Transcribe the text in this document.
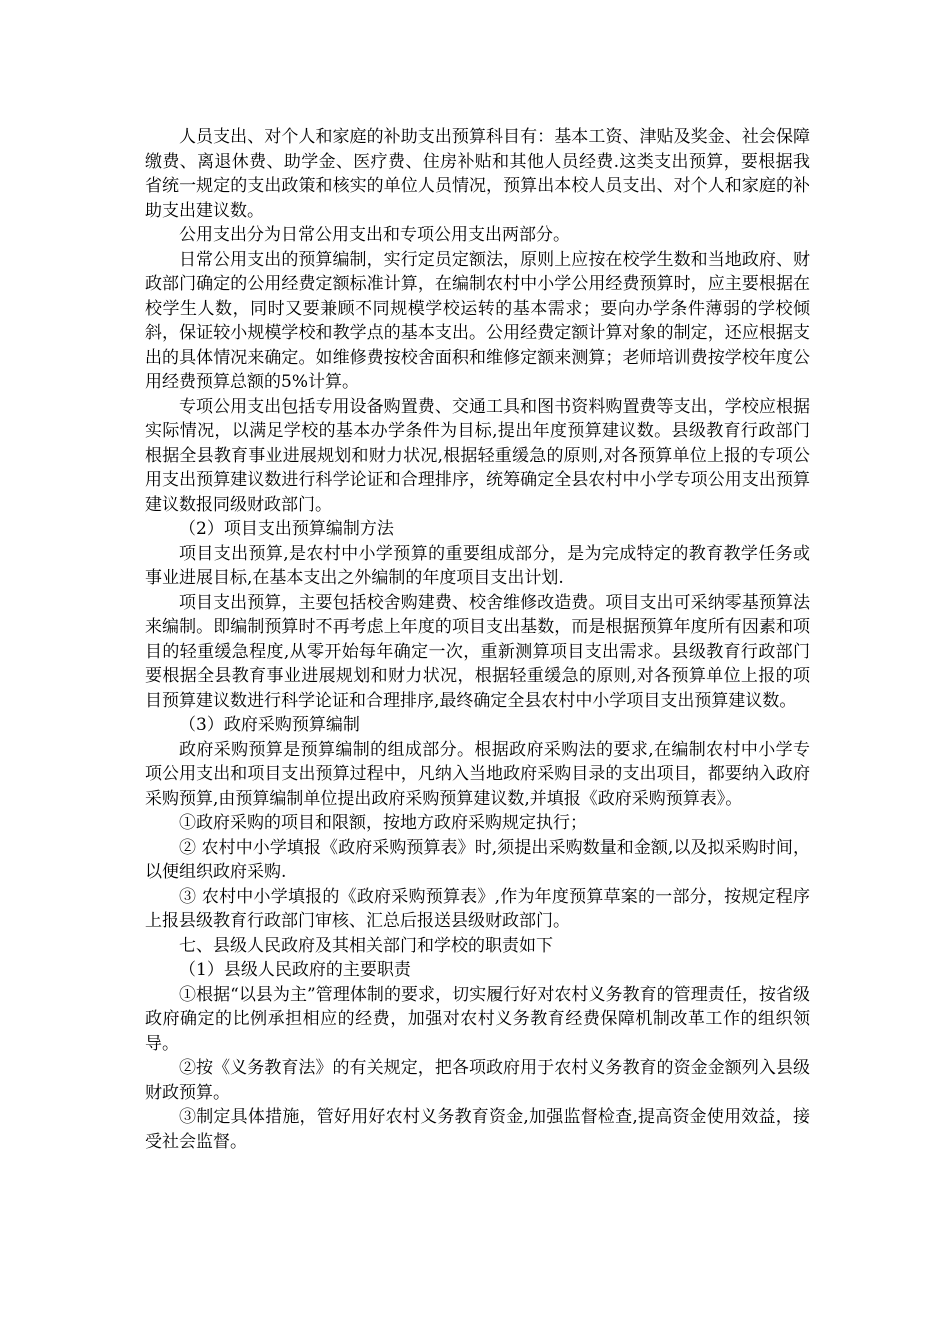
人员支出、对个人和家庭的补助支出预算科目有：基本工资、津贴及奖金、社会保障缴费、离退休费、助学金、医疗费、住房补贴和其他人员经费.这类支出预算，要根据我省统一规定的支出政策和核实的单位人员情况，预算出本校人员支出、对个人和家庭的补助支出建议数。

公用支出分为日常公用支出和专项公用支出两部分。

日常公用支出的预算编制，实行定员定额法，原则上应按在校学生数和当地政府、财政部门确定的公用经费定额标准计算，在编制农村中小学公用经费预算时，应主要根据在校学生人数，同时又要兼顾不同规模学校运转的基本需求；要向办学条件薄弱的学校倾斜，保证较小规模学校和教学点的基本支出。公用经费定额计算对象的制定，还应根据支出的具体情况来确定。如维修费按校舍面积和维修定额来测算；老师培训费按学校年度公用经费预算总额的5%计算。

专项公用支出包括专用设备购置费、交通工具和图书资料购置费等支出，学校应根据实际情况，以满足学校的基本办学条件为目标,提出年度预算建议数。县级教育行政部门根据全县教育事业进展规划和财力状况,根据轻重缓急的原则,对各预算单位上报的专项公用支出预算建议数进行科学论证和合理排序，统筹确定全县农村中小学专项公用支出预算建议数报同级财政部门。

（2）项目支出预算编制方法

项目支出预算,是农村中小学预算的重要组成部分，是为完成特定的教育教学任务或事业进展目标,在基本支出之外编制的年度项目支出计划.

项目支出预算，主要包括校舍购建费、校舍维修改造费。项目支出可采纳零基预算法来编制。即编制预算时不再考虑上年度的项目支出基数，而是根据预算年度所有因素和项目的轻重缓急程度,从零开始每年确定一次，重新测算项目支出需求。县级教育行政部门要根据全县教育事业进展规划和财力状况，根据轻重缓急的原则,对各预算单位上报的项目预算建议数进行科学论证和合理排序,最终确定全县农村中小学项目支出预算建议数。

（3）政府采购预算编制

政府采购预算是预算编制的组成部分。根据政府采购法的要求,在编制农村中小学专项公用支出和项目支出预算过程中，凡纳入当地政府采购目录的支出项目，都要纳入政府采购预算,由预算编制单位提出政府采购预算建议数,并填报《政府采购预算表》。

①政府采购的项目和限额，按地方政府采购规定执行；

② 农村中小学填报《政府采购预算表》时,须提出采购数量和金额,以及拟采购时间，以便组织政府采购.

③ 农村中小学填报的《政府采购预算表》,作为年度预算草案的一部分，按规定程序上报县级教育行政部门审核、汇总后报送县级财政部门。

七、县级人民政府及其相关部门和学校的职责如下

（1）县级人民政府的主要职责

①根据“以县为主”管理体制的要求，切实履行好对农村义务教育的管理责任，按省级政府确定的比例承担相应的经费，加强对农村义务教育经费保障机制改革工作的组织领导。

②按《义务教育法》的有关规定，把各项政府用于农村义务教育的资金金额列入县级财政预算。

③制定具体措施，管好用好农村义务教育资金,加强监督检查,提高资金使用效益，接受社会监督。
